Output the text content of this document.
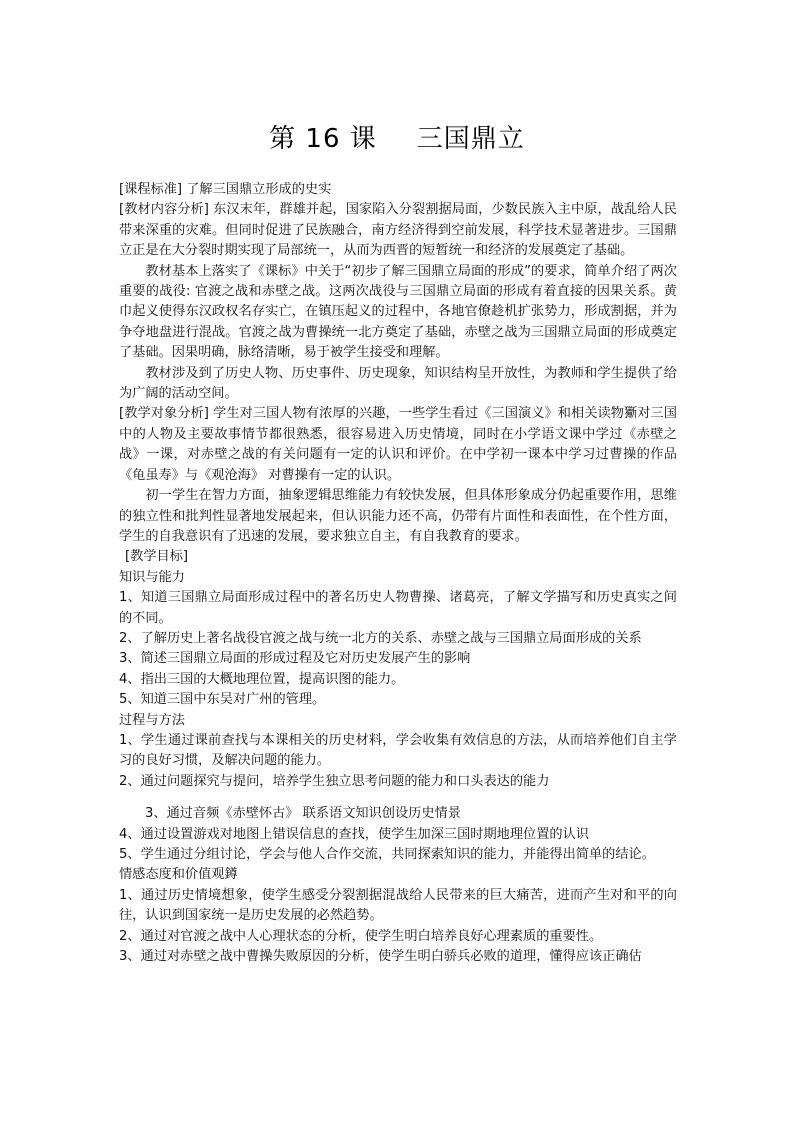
第 16 课 三国鼎立

[课程标准] 了解三国鼎立形成的史实

[教材内容分析] 东汉末年，群雄并起，国家陷入分裂割据局面，少数民族入主中原，战乱给人民带来深重的灾难。但同时促进了民族融合，南方经济得到空前发展，科学技术显著进步。三国鼎立正是在大分裂时期实现了局部统一，从而为西晋的短暂统一和经济的发展奠定了基础。

教材基本上落实了《课标》中关于“初步了解三国鼎立局面的形成”的要求，简单介绍了两次重要的战役: 官渡之战和赤壁之战。这两次战役与三国鼎立局面的形成有着直接的因果关系。黄巾起义使得东汉政权名存实亡，在镇压起义的过程中，各地官僚趁机扩张势力，形成割据，并为争夺地盘进行混战。官渡之战为曹操统一北方奠定了基础，赤壁之战为三国鼎立局面的形成奠定了基础。因果明确，脉络清晰，易于被学生接受和理解。

教材涉及到了历史人物、历史事件、历史现象，知识结构呈开放性，为教师和学生提供了给为广阔的活动空间。

[教学对象分析] 学生对三国人物有浓厚的兴趣，一些学生看过《三国演义》和相关读物玂对三国中的人物及主要故事情节都很熟悉，很容易进入历史情境，同时在小学语文课中学过《赤壁之战》一课，对赤壁之战的有关问题有一定的认识和评价。在中学初一课本中学习过曹操的作品《龟虽寿》与《观沧海》 对曹操有一定的认识。

初一学生在智力方面，抽象逻辑思维能力有较快发展，但具体形象成分仍起重要作用，思维的独立性和批判性显著地发展起来，但认识能力还不高，仍带有片面性和表面性，在个性方面，学生的自我意识有了迅速的发展，要求独立自主，有自我教育的要求。

[教学目标]

知识与能力

1、知道三国鼎立局面形成过程中的著名历史人物曹操、诸葛亮，了解文学描写和历史真实之间的不同。

2、了解历史上著名战役官渡之战与统一北方的关系、赤壁之战与三国鼎立局面形成的关系

3、简述三国鼎立局面的形成过程及它对历史发展产生的影响

4、指出三国的大概地理位置，提高识图的能力。

5、知道三国中东吴对广州的管理。

过程与方法

1、学生通过课前查找与本课相关的历史材料，学会收集有效信息的方法，从而培养他们自主学习的良好习惯，及解决问题的能力。

2、通过问题探究与提问，培养学生独立思考问题的能力和口头表达的能力

3、通过音频《赤壁怀古》 联系语文知识创设历史情景

4、通过设置游戏对地图上错误信息的查找，使学生加深三国时期地理位置的认识

5、学生通过分组讨论，学会与他人合作交流，共同探索知识的能力，并能得出简单的结论。

情感态度和价值观鐏

1、通过历史情境想象，使学生感受分裂割据混战给人民带来的巨大痛苦，进而产生对和平的向往，认识到国家统一是历史发展的必然趋势。

2、通过对官渡之战中人心理状态的分析，使学生明白培养良好心理素质的重要性。

3、通过对赤壁之战中曹操失败原因的分析，使学生明白骄兵必败的道理，懂得应该正确估
